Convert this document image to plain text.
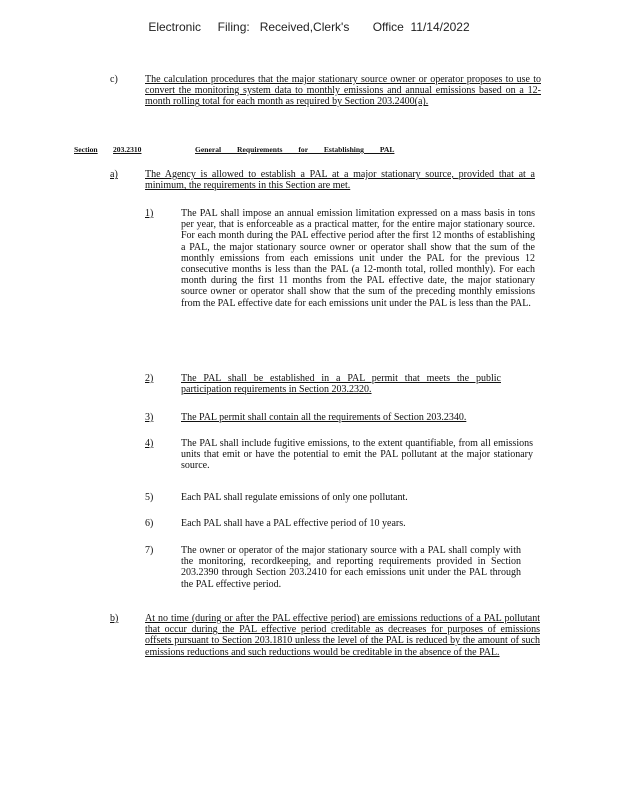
Electronic     Filing:   Received,Clerk's       Office  11/14/2022
c)	The calculation procedures that the major stationary source owner or operator proposes to use to convert the monitoring system data to monthly emissions and annual emissions based on a 12-month rolling total for each month as required by Section 203.2400(a).
Section 203.2310	General Requirements for Establishing PAL
a)	The Agency is allowed to establish a PAL at a major stationary source, provided that at a minimum, the requirements in this Section are met.
1)	The PAL shall impose an annual emission limitation expressed on a mass basis in tons per year, that is enforceable as a practical matter, for the entire major stationary source. For each month during the PAL effective period after the first 12 months of establishing a PAL, the major stationary source owner or operator shall show that the sum of the monthly emissions from each emissions unit under the PAL for the previous 12 consecutive months is less than the PAL (a 12-month total, rolled monthly). For each month during the first 11 months from the PAL effective date, the major stationary source owner or operator shall show that the sum of the preceding monthly emissions from the PAL effective date for each emissions unit under the PAL is less than the PAL.
2)	The PAL shall be established in a PAL permit that meets the public participation requirements in Section 203.2320.
3)	The PAL permit shall contain all the requirements of Section 203.2340.
4)	The PAL shall include fugitive emissions, to the extent quantifiable, from all emissions units that emit or have the potential to emit the PAL pollutant at the major stationary source.
5)	Each PAL shall regulate emissions of only one pollutant.
6)	Each PAL shall have a PAL effective period of 10 years.
7)	The owner or operator of the major stationary source with a PAL shall comply with the monitoring, recordkeeping, and reporting requirements provided in Section 203.2390 through Section 203.2410 for each emissions unit under the PAL through the PAL effective period.
b)	At no time (during or after the PAL effective period) are emissions reductions of a PAL pollutant that occur during the PAL effective period creditable as decreases for purposes of emissions offsets pursuant to Section 203.1810 unless the level of the PAL is reduced by the amount of such emissions reductions and such reductions would be creditable in the absence of the PAL.
